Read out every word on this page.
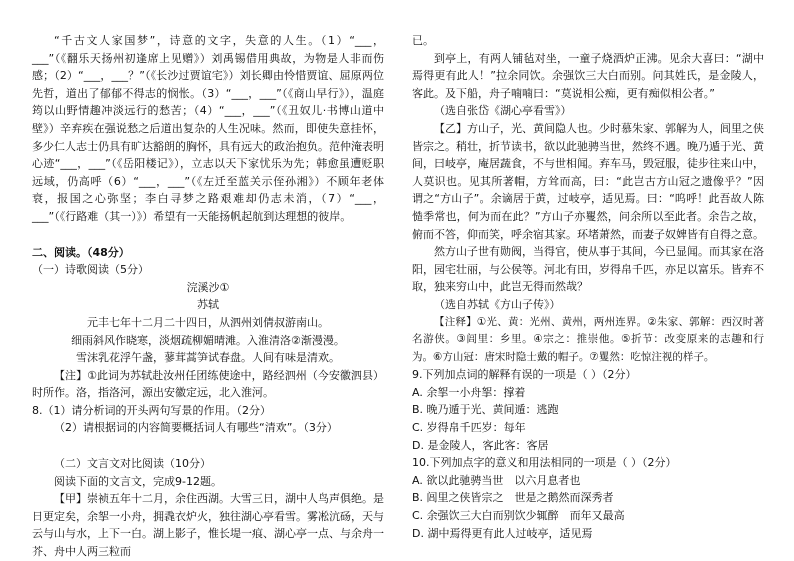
“千古文人家国梦”，诗意的文字，失意的人生。（1）“___，___”（《翻乐天扬州初逢席上见赠》）刘禹锡借用典故，为物是人非而伤感；（2）“___，___？”（《长沙过贾谊宅》）刘长卿由怜惜贾谊、屈原两位先哲，道出了郁郁不得志的悯怅。（3）“___，___”（《商山早行》），温庭筠以山野情趣冲淡远行的愁苦；（4）“___，___”（《丑奴儿·书博山道中壁》）辛弃疾在强说愁之后道出复杂的人生况味。然而，即使失意挂怀，多少仁人志士仍具有旷达豁朗的胸怀，具有远大的政治抱负。范仲淹表明心迹“___，___”（《岳阳楼记》），立志以天下家忧乐为先；韩愈虽遭贬职远域，仍高呼（6）“___，___”（《左迁至蓝关示侄孙湘》）不顾年老体衰，报国之心弥坚；李白寻梦之路艰难却仍志未消，（7）“___，___”（《行路难（其一）》）希望有一天能扬帆起航到达理想的彼岸。

二、阅读。（48分）

（一）诗歌阅读（5分）

浣溪沙①

苏轼

元丰七年十二月二十四日，从泗州刘倩叔游南山。

细雨斜风作晓寒，淡烟疏柳媚晴滩。入淮清洛②渐漫漫。

雪沫乳花浮午盏，蓼茸蒿笋试春盘。人间有味是清欢。

【注】①此词为苏轼赴汝州任团练使途中，路经泗州（今安徽泗县）时所作。洛，指洛河，源出安徽定远，北入淮河。

8.（1）请分析词的开头两句写景的作用。（2分）

（2）请根据词的内容简要概括词人有哪些“清欢”。（3分）

（二）文言文对比阅读（10分）

阅读下面的文言文，完成9-12题。

【甲】崇祯五年十二月，余住西湖。大雪三日，湖中人鸟声俱绝。是日更定矣，余挐一小舟，拥毳衣炉火，独往湖心亭看雪。雾凇沆砀，天与云与山与水，上下一白。湖上影子，惟长堤一痕、湖心亭一点、与余舟一芥、舟中人两三粒而

已。

到亭上，有两人铺毡对坐，一童子烧酒炉正沸。见余大喜曰：“湖中焉得更有此人！”拉余同饮。余强饮三大白而别。问其姓氏，是金陵人，客此。及下船，舟子喃喃曰：“莫说相公痴，更有痴似相公者。”

（选自张岱《湖心亭看雪》）

【乙】方山子，光、黄间隐人也。少时慕朱家、郭解为人，闾里之侠皆宗之。稍壮，折节读书，欲以此驰骋当世，然终不遇。晚乃遁于光、黄间，曰岐亭，庵居蔬食，不与世相闻。弃车马，毁冠服，徒步往来山中，人莫识也。见其所著帽，方耸而高，曰：“此岂古方山冠之遗像乎？”因谓之“方山子”。余谪居于黄，过岐亭，适见焉。曰：“呜呼！此吾故人陈慥季常也，何为而在此？”方山子亦矍然，问余所以至此者。余告之故，俯而不答，仰而笑，呼余宿其家。环堵萧然，而妻子奴婢皆有自得之意。

然方山子世有勋阀，当得官，使从事于其间，今已显闻。而其家在洛阳，园宅壮丽，与公侯等。河北有田，岁得帛千匹，亦足以富乐。皆弃不取，独来穷山中，此岂无得而然哉？

（选自苏轼《方山子传》）

【注释】①光、黄：光州、黄州，两州连界。②朱家、郭解：西汉时著名游侠。③闾里：乡里。④宗之：推崇他。⑤折节：改变原来的志趣和行为。⑥方山冠：唐宋时隐士戴的帽子。⑦矍然：吃惊注视的样子。

9.下列加点词的解释有误的一项是（ ）（2分）

A. 余挐一小舟挐：撑着

B. 晚乃遁于光、黄间遁：逃跑

C. 岁得帛千匹岁：每年

D. 是金陵人，客此客：客居

10.下列加点字的意义和用法相同的一项是（ ）（2分）

A. 欲以此驰骋当世　以六月息者也

B. 闾里之侠皆宗之　世是之鹅然而深秀者

C. 余强饮三大白而别饮少辄醉　而年又最高

D. 湖中焉得更有此人过岐亭，适见焉
